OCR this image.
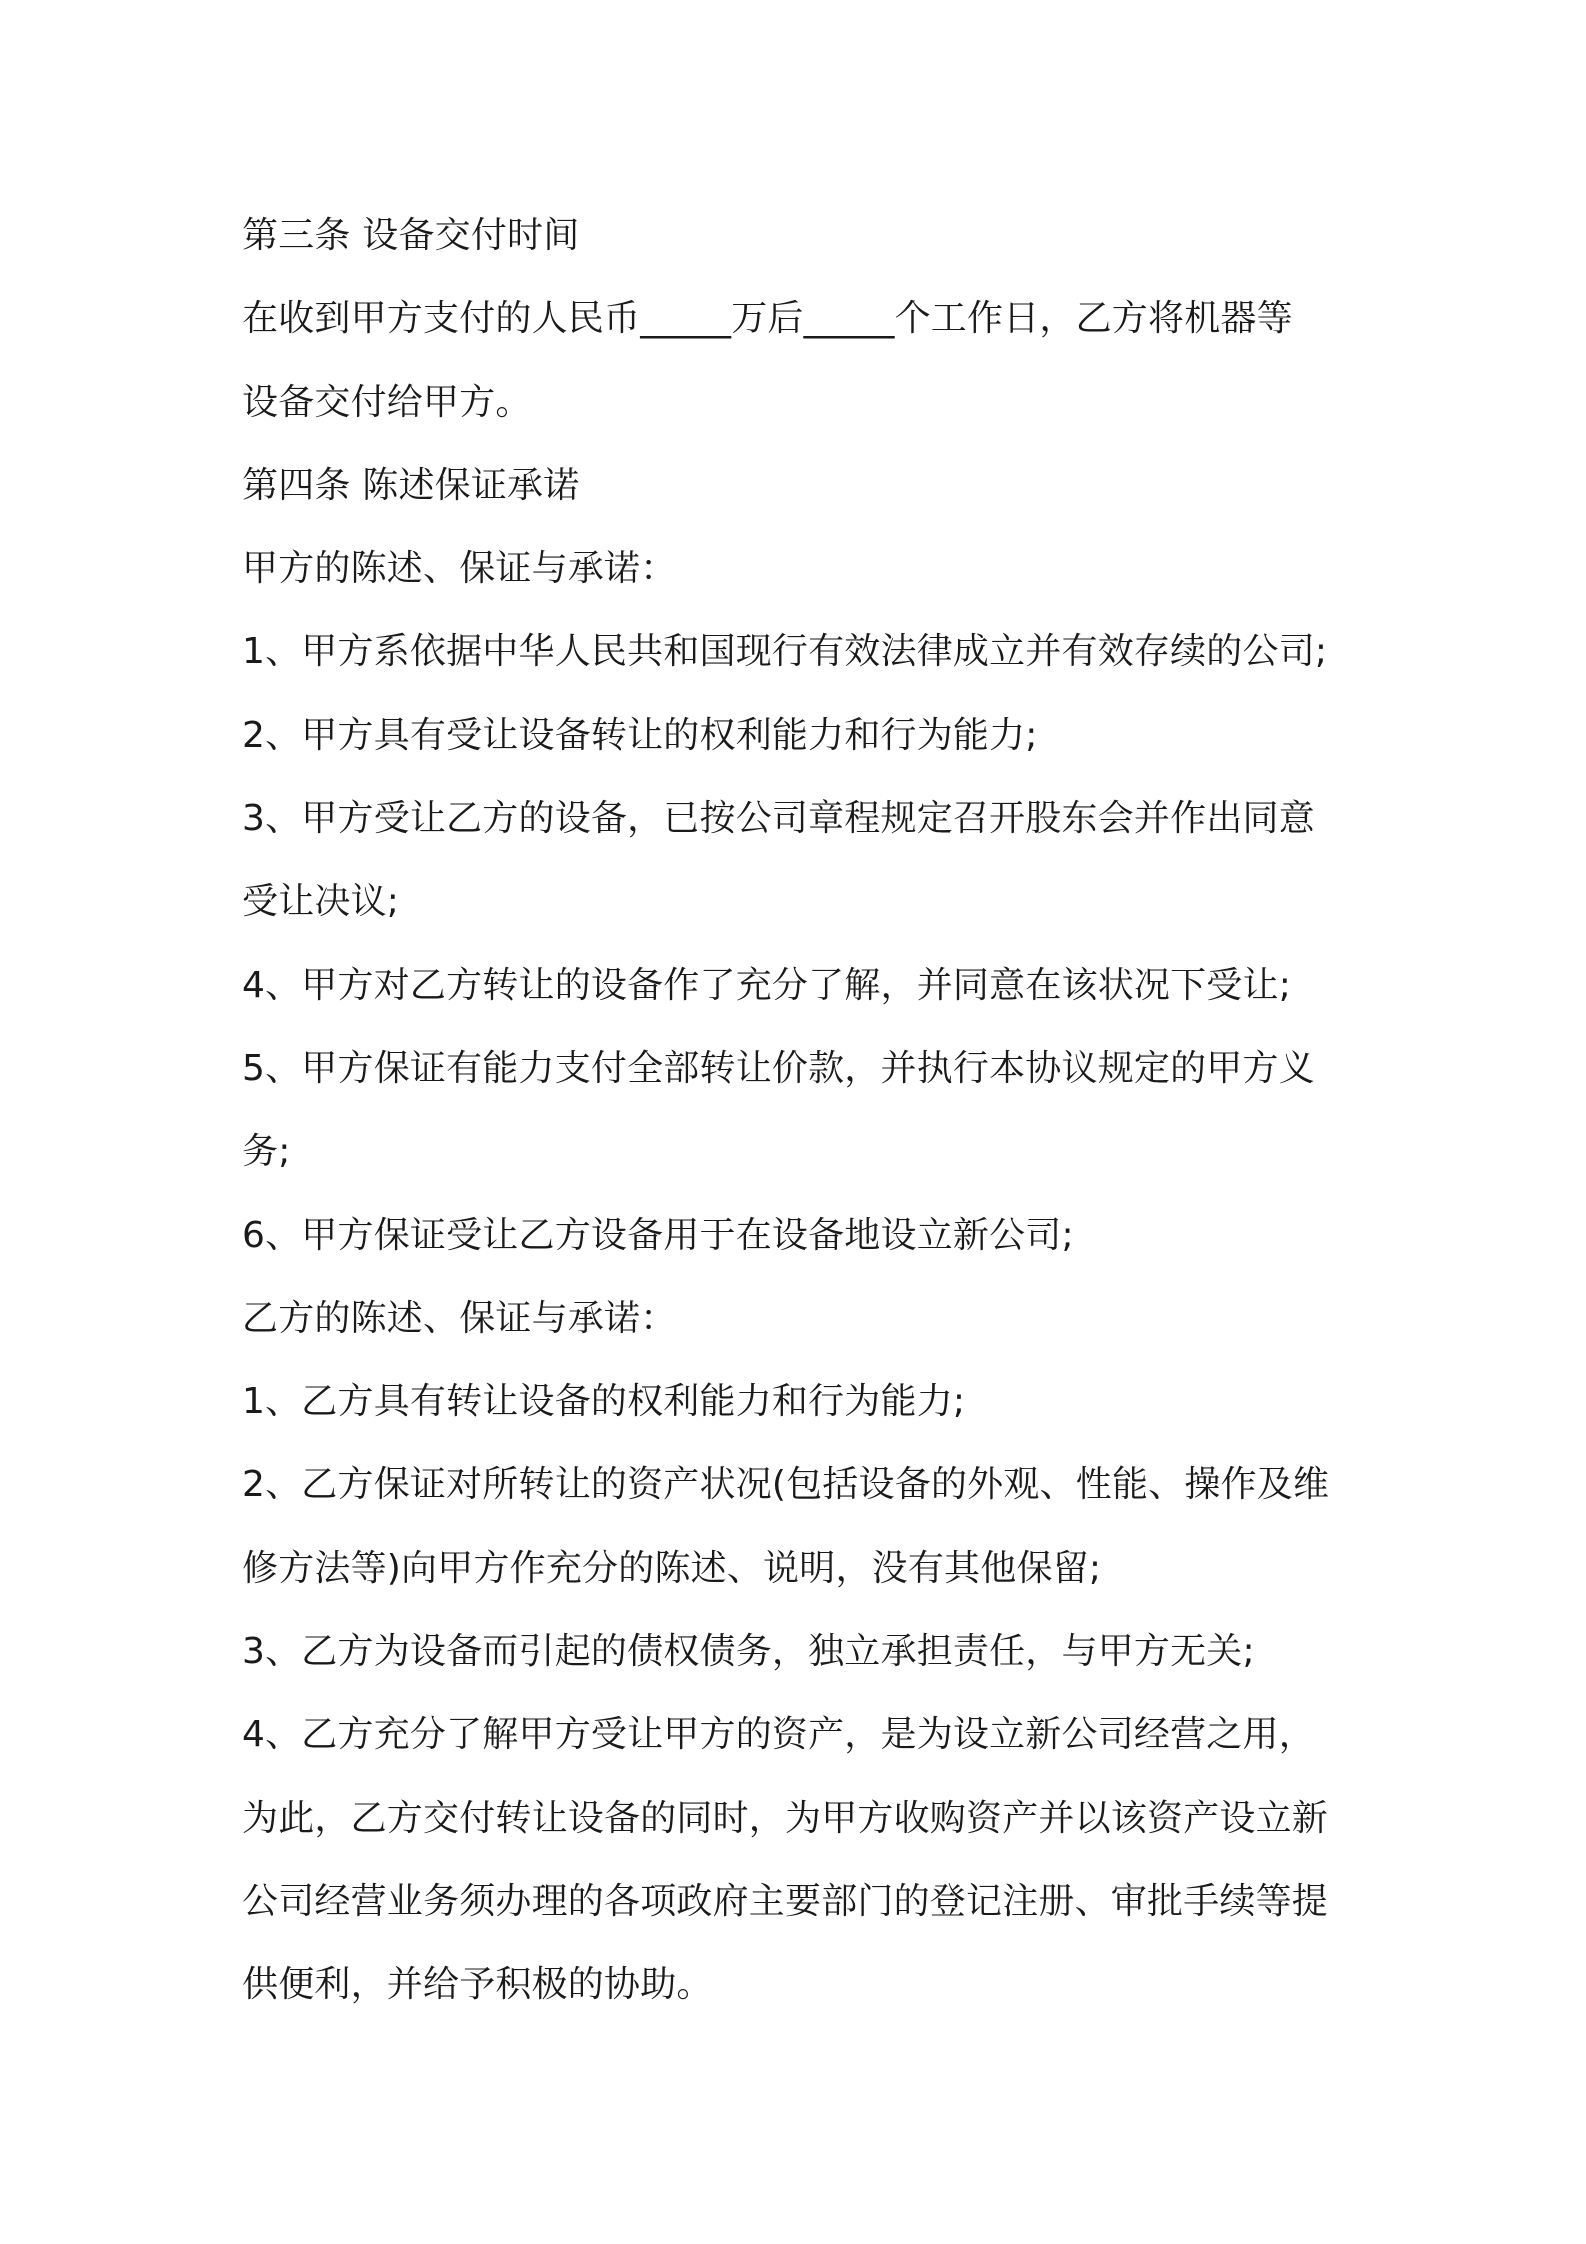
第三条 设备交付时间
在收到甲方支付的人民币_____万后_____个工作日，乙方将机器等
设备交付给甲方。
第四条 陈述保证承诺
甲方的陈述、保证与承诺：
1、甲方系依据中华人民共和国现行有效法律成立并有效存续的公司;
2、甲方具有受让设备转让的权利能力和行为能力;
3、甲方受让乙方的设备，已按公司章程规定召开股东会并作出同意
受让决议;
4、甲方对乙方转让的设备作了充分了解，并同意在该状况下受让;
5、甲方保证有能力支付全部转让价款，并执行本协议规定的甲方义
务;
6、甲方保证受让乙方设备用于在设备地设立新公司;
乙方的陈述、保证与承诺：
1、乙方具有转让设备的权利能力和行为能力;
2、乙方保证对所转让的资产状况(包括设备的外观、性能、操作及维
修方法等)向甲方作充分的陈述、说明，没有其他保留;
3、乙方为设备而引起的债权债务，独立承担责任，与甲方无关;
4、乙方充分了解甲方受让甲方的资产，是为设立新公司经营之用，
为此，乙方交付转让设备的同时，为甲方收购资产并以该资产设立新
公司经营业务须办理的各项政府主要部门的登记注册、审批手续等提
供便利，并给予积极的协助。
